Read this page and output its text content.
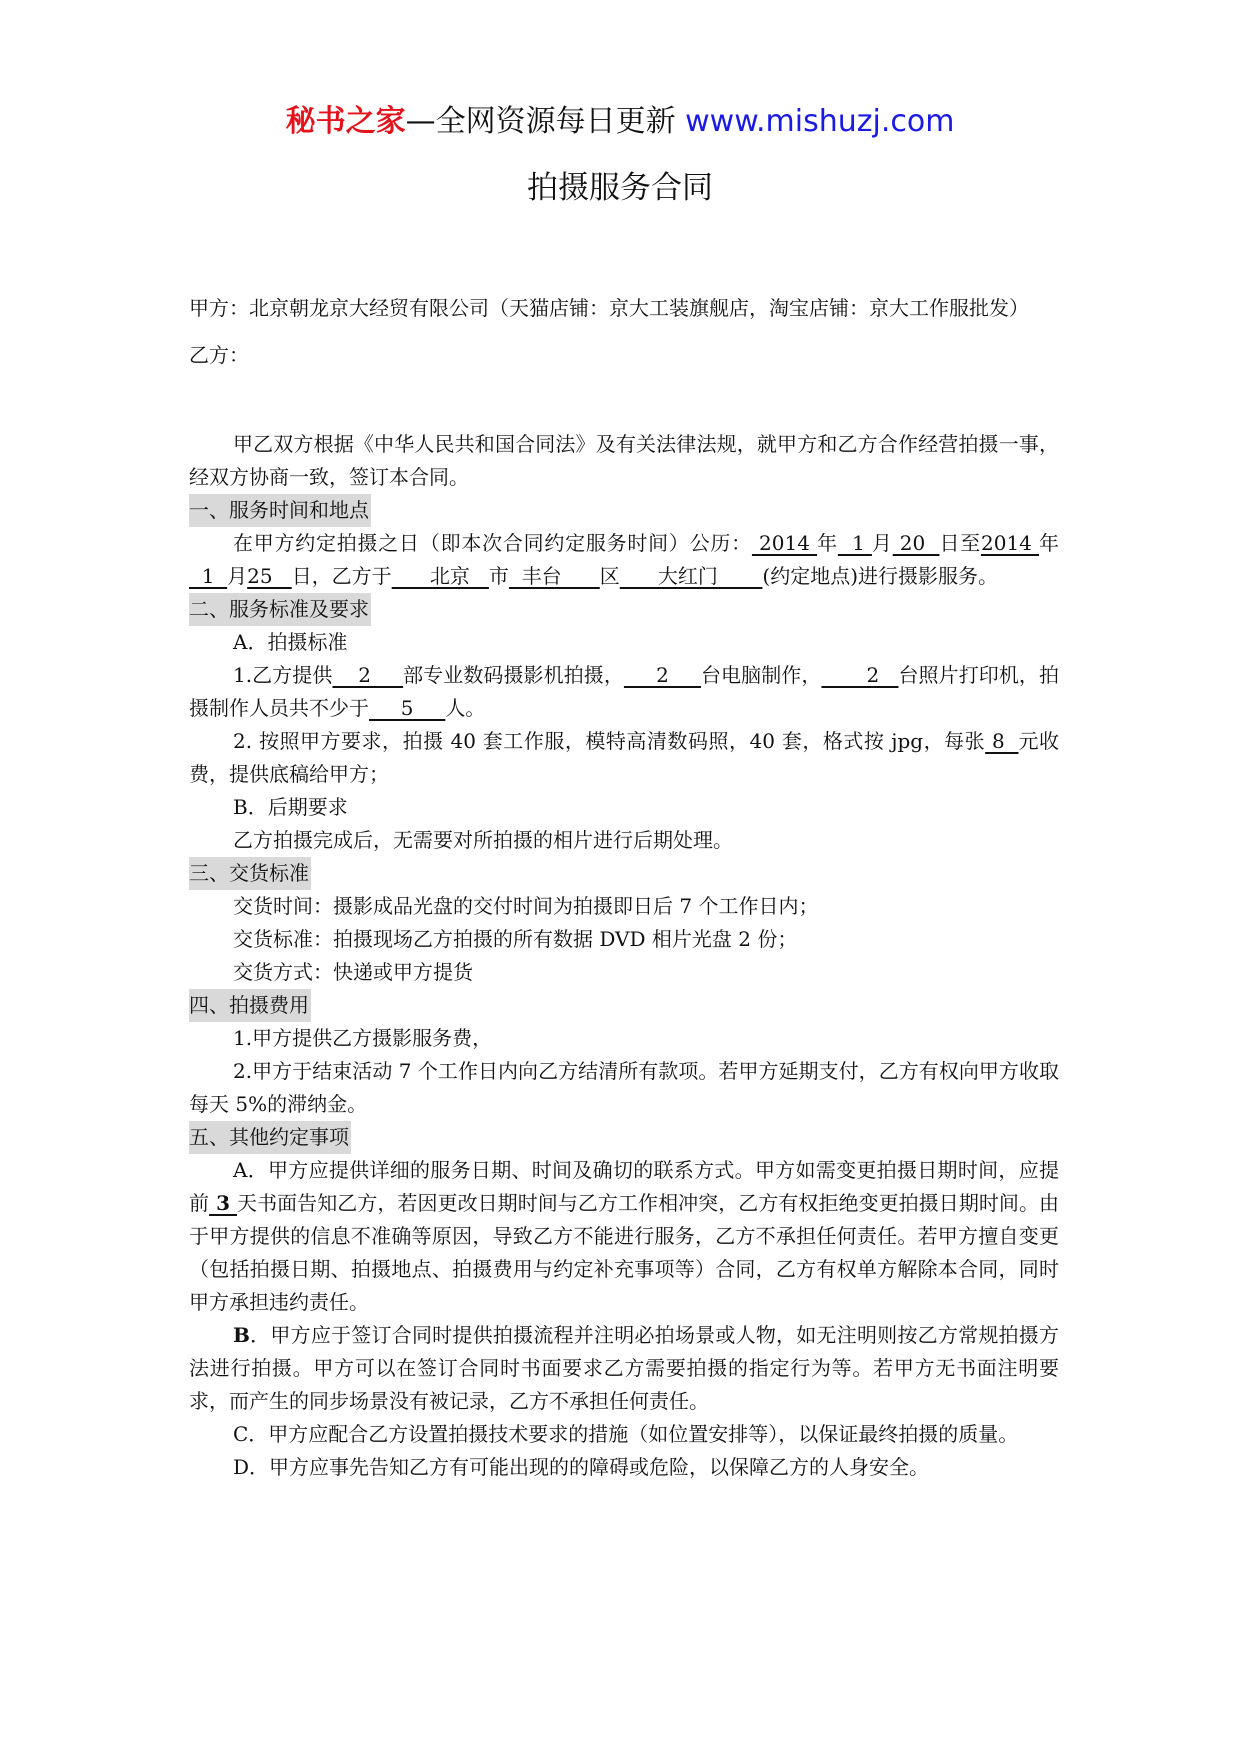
秘书之家—全网资源每日更新 www.mishuzj.com
拍摄服务合同

甲方：北京朝龙京大经贸有限公司（天猫店铺：京大工装旗舰店，淘宝店铺：京大工作服批发）

乙方：

甲乙双方根据《中华人民共和国合同法》及有关法律法规，就甲方和乙方合作经营拍摄一事，经双方协商一致，签订本合同。

一、服务时间和地点

在甲方约定拍摄之日（即本次合同约定服务时间）公历： 2014 年  1 月 20  日至2014 年  1  月25   日，乙方于      北京   市  丰台      区      大红门       (约定地点)进行摄影服务。

二、服务标准及要求

A．拍摄标准

1.乙方提供    2     部专业数码摄影机拍摄，     2     台电脑制作，       2   台照片打印机，拍摄制作人员共不少于     5     人。

2. 按照甲方要求，拍摄 40 套工作服，模特高清数码照，40 套，格式按 jpg，每张 8  元收费，提供底稿给甲方；

B．后期要求

乙方拍摄完成后，无需要对所拍摄的相片进行后期处理。

三、交货标准

交货时间：摄影成品光盘的交付时间为拍摄即日后 7 个工作日内；

交货标准：拍摄现场乙方拍摄的所有数据 DVD 相片光盘 2 份；

交货方式：快递或甲方提货

四、拍摄费用

1.甲方提供乙方摄影服务费，

2.甲方于结束活动 7 个工作日内向乙方结清所有款项。若甲方延期支付，乙方有权向甲方收取每天 5%的滞纳金。

五、其他约定事项

A．甲方应提供详细的服务日期、时间及确切的联系方式。甲方如需变更拍摄日期时间，应提前 3 天书面告知乙方，若因更改日期时间与乙方工作相冲突，乙方有权拒绝变更拍摄日期时间。由于甲方提供的信息不准确等原因，导致乙方不能进行服务，乙方不承担任何责任。若甲方擅自变更（包括拍摄日期、拍摄地点、拍摄费用与约定补充事项等）合同，乙方有权单方解除本合同，同时甲方承担违约责任。

B．甲方应于签订合同时提供拍摄流程并注明必拍场景或人物，如无注明则按乙方常规拍摄方法进行拍摄。甲方可以在签订合同时书面要求乙方需要拍摄的指定行为等。若甲方无书面注明要求，而产生的同步场景没有被记录，乙方不承担任何责任。

C．甲方应配合乙方设置拍摄技术要求的措施（如位置安排等），以保证最终拍摄的质量。

D．甲方应事先告知乙方有可能出现的的障碍或危险，以保障乙方的人身安全。
